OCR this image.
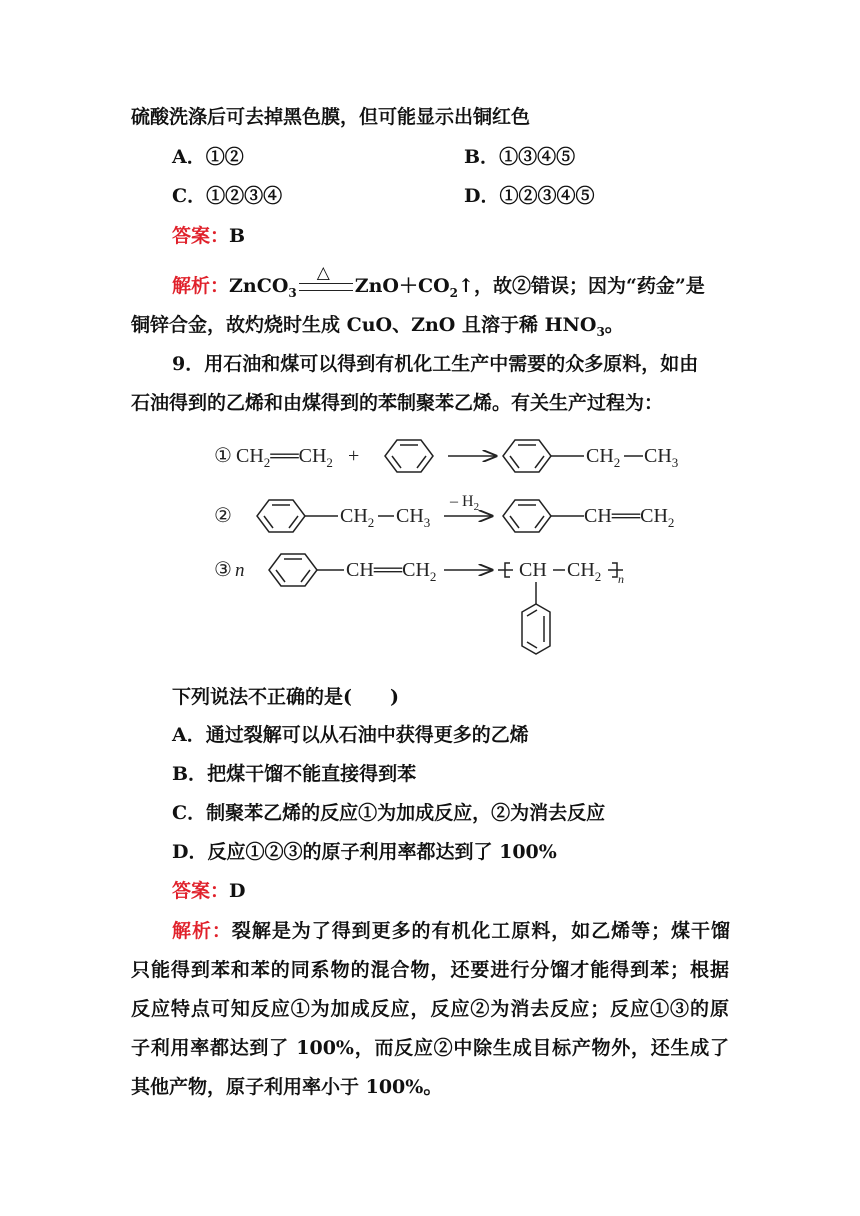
硫酸洗涤后可去掉黑色膜，但可能显示出铜红色
A．①②	B．①③④⑤
C．①②③④	D．①②③④⑤
答案：B
解析：ZnCO$_3$
△
$ZnO+CO_2↑$，故②错误；因为“药金”是
铜锌合金，故灼烧时生成 CuO、ZnO 且溶于稀 $HNO_3$。
9．用石油和煤可以得到有机化工生产中需要的众多原料，如由
石油得到的乙烯和由煤得到的苯制聚苯乙烯。有关生产过程为：
① $CH_2══CH_2$ +	$CH_2$ $CH_3$
②	$CH_2$ $CH_3$
– $H_2$	$CH══CH_2$
③ n	$CH══CH_2$	CH $CH_2$ n
下列说法不正确的是(　　)
A．通过裂解可以从石油中获得更多的乙烯
B．把煤干馏不能直接得到苯
C．制聚苯乙烯的反应①为加成反应，②为消去反应
D．反应①②③的原子利用率都达到了 100%
答案：D
解析：裂解是为了得到更多的有机化工原料，如乙烯等；煤干馏
只能得到苯和苯的同系物的混合物，还要进行分馏才能得到苯；根据
反应特点可知反应①为加成反应，反应②为消去反应；反应①③的原
子利用率都达到了 100%，而反应②中除生成目标产物外，还生成了
其他产物，原子利用率小于 100%。
